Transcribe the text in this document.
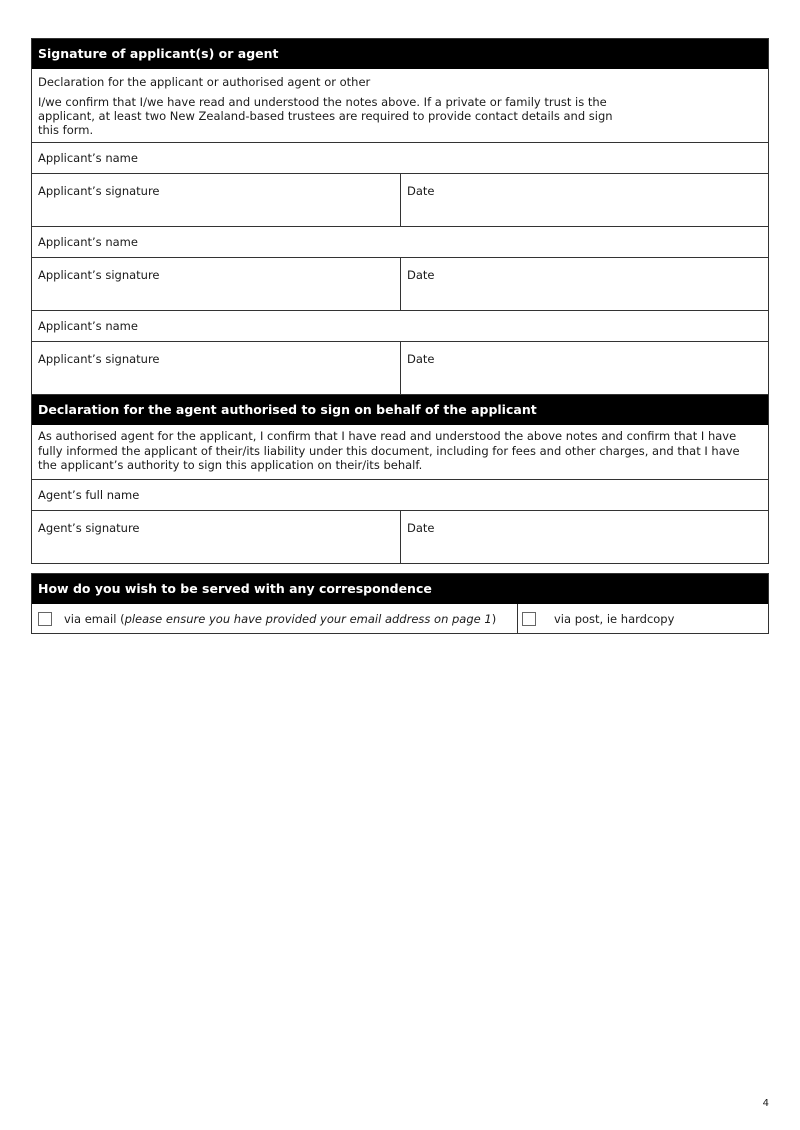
Signature of applicant(s) or agent
Declaration for the applicant or authorised agent or other
I/we confirm that I/we have read and understood the notes above. If a private or family trust is the applicant, at least two New Zealand-based trustees are required to provide contact details and sign this form.
Applicant’s name
Applicant’s signature	Date
Applicant’s name
Applicant’s signature	Date
Applicant’s name
Applicant’s signature	Date
Declaration for the agent authorised to sign on behalf of the applicant
As authorised agent for the applicant, I confirm that I have read and understood the above notes and confirm that I have fully informed the applicant of their/its liability under this document, including for fees and other charges, and that I have the applicant’s authority to sign this application on their/its behalf.
Agent’s full name
Agent’s signature	Date
How do you wish to be served with any correspondence
via email (please ensure you have provided your email address on page 1)	via post, ie hardcopy
4
